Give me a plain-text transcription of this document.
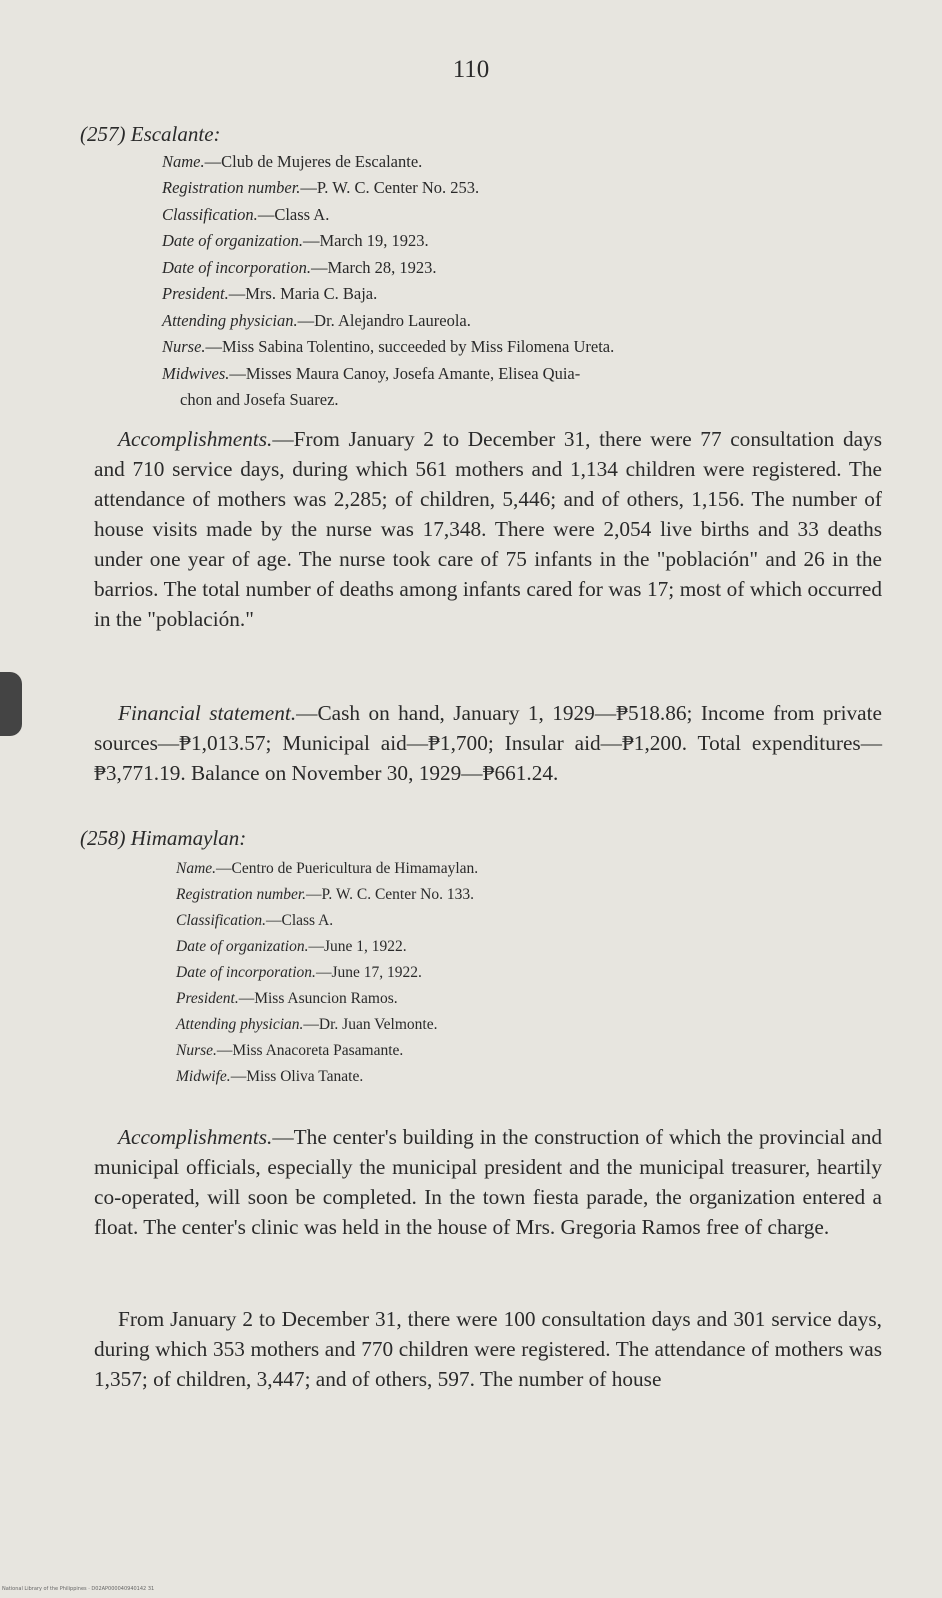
110
(257) Escalante:
Name.—Club de Mujeres de Escalante.
Registration number.—P. W. C. Center No. 253.
Classification.—Class A.
Date of organization.—March 19, 1923.
Date of incorporation.—March 28, 1923.
President.—Mrs. Maria C. Baja.
Attending physician.—Dr. Alejandro Laureola.
Nurse.—Miss Sabina Tolentino, succeeded by Miss Filomena Ureta.
Midwives.—Misses Maura Canoy, Josefa Amante, Elisea Quia-
chon and Josefa Suarez.
Accomplishments.—From January 2 to December 31, there were 77 consultation days and 710 service days, during which 561 mothers and 1,134 children were registered. The attendance of mothers was 2,285; of children, 5,446; and of others, 1,156. The number of house visits made by the nurse was 17,348. There were 2,054 live births and 33 deaths under one year of age. The nurse took care of 75 infants in the "población" and 26 in the barrios. The total number of deaths among infants cared for was 17; most of which occurred in the "población."
Financial statement.—Cash on hand, January 1, 1929—₱518.86; Income from private sources—₱1,013.57; Municipal aid—₱1,700; Insular aid—₱1,200. Total expenditures—₱3,771.19. Balance on November 30, 1929—₱661.24.
(258) Himamaylan:
Name.—Centro de Puericultura de Himamaylan.
Registration number.—P. W. C. Center No. 133.
Classification.—Class A.
Date of organization.—June 1, 1922.
Date of incorporation.—June 17, 1922.
President.—Miss Asuncion Ramos.
Attending physician.—Dr. Juan Velmonte.
Nurse.—Miss Anacoreta Pasamante.
Midwife.—Miss Oliva Tanate.
Accomplishments.—The center's building in the construction of which the provincial and municipal officials, especially the municipal president and the municipal treasurer, heartily co-operated, will soon be completed. In the town fiesta parade, the organization entered a float. The center's clinic was held in the house of Mrs. Gregoria Ramos free of charge.
From January 2 to December 31, there were 100 consultation days and 301 service days, during which 353 mothers and 770 children were registered. The attendance of mothers was 1,357; of children, 3,447; and of others, 597. The number of house
National Library of the Philippines · D02AP000040940142 31
